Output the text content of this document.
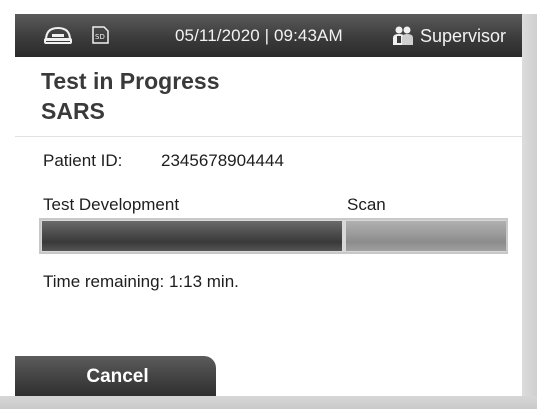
SD	05/11/2020 | 09:43AM	Supervisor
Test in Progress
SARS
Patient ID: 2345678904444
Test Development	Scan
Time remaining: 1:13 min.
Cancel
